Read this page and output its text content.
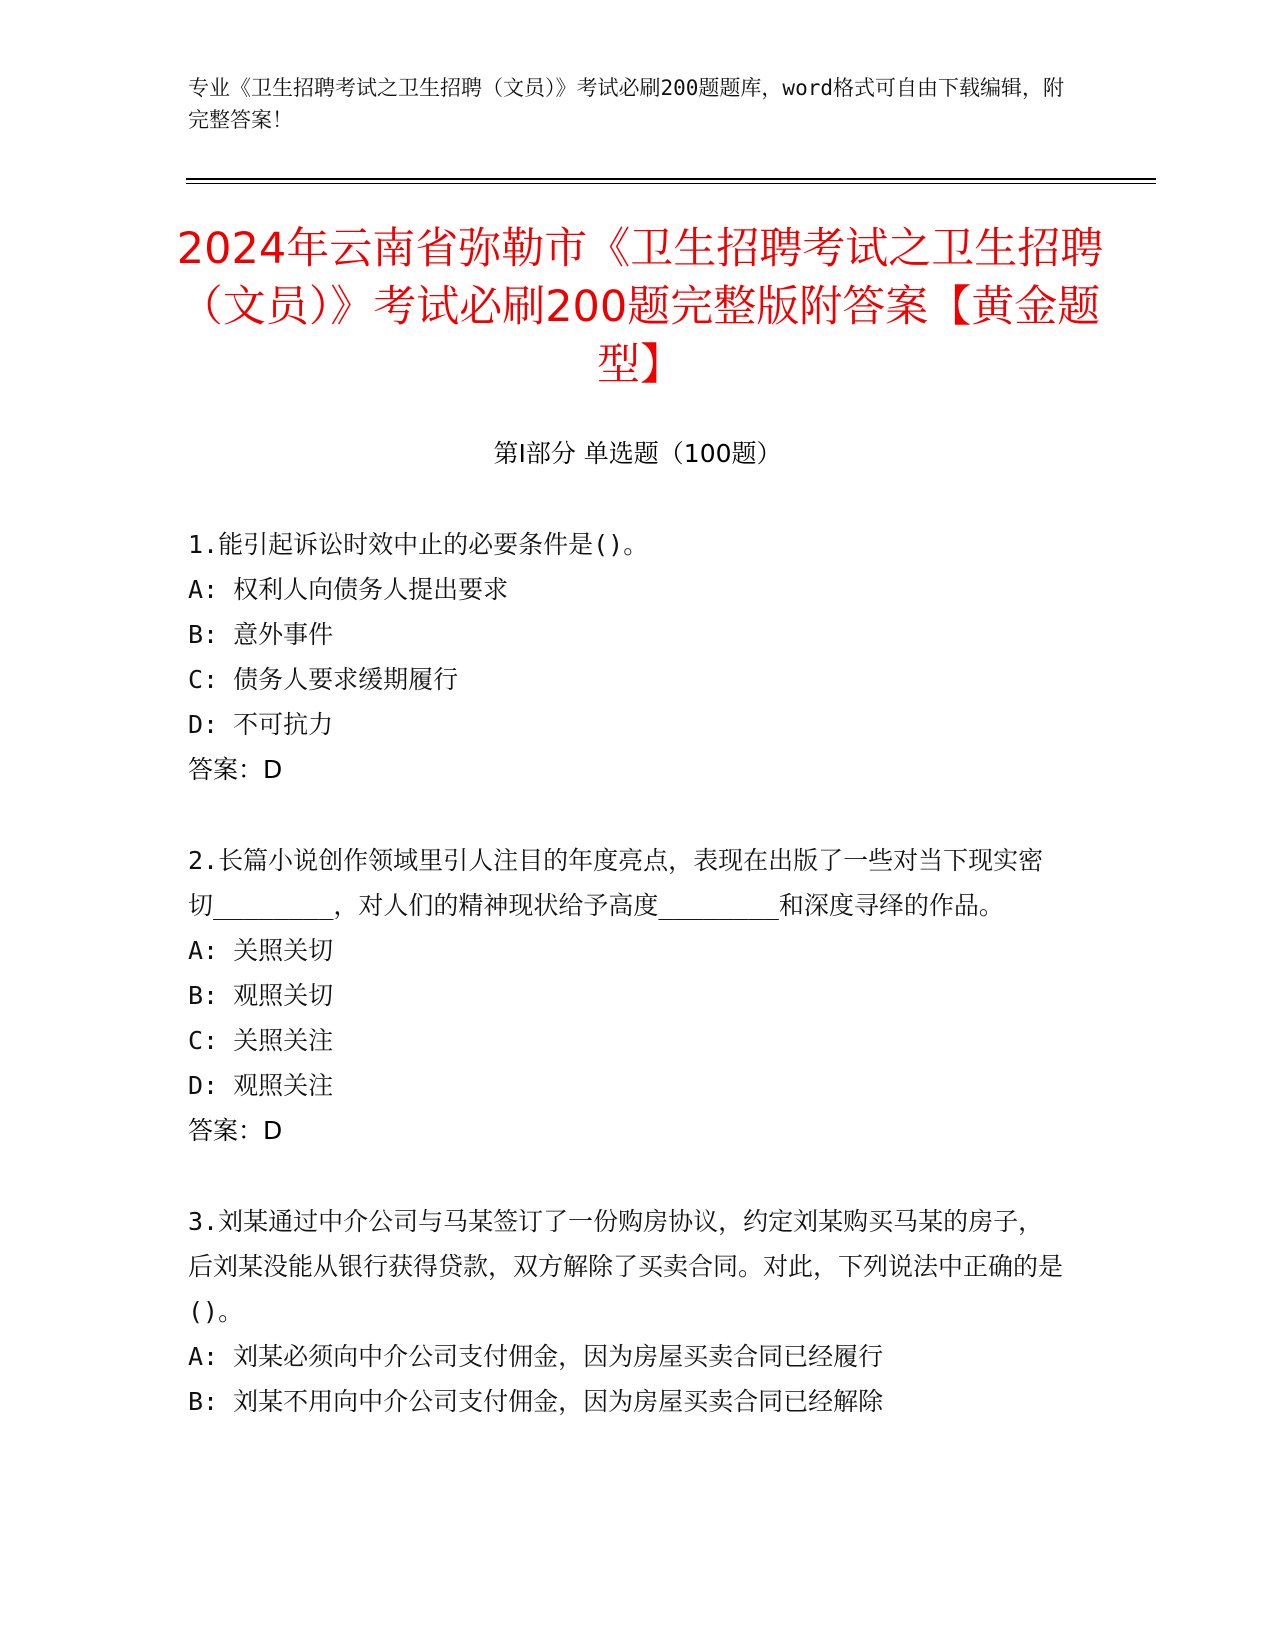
专业《卫生招聘考试之卫生招聘（文员）》考试必刷200题题库，word格式可自由下载编辑，附完整答案！
2024年云南省弥勒市《卫生招聘考试之卫生招聘（文员）》考试必刷200题完整版附答案【黄金题型】
第Ⅰ部分 单选题（100题）
1.能引起诉讼时效中止的必要条件是()。
A: 权利人向债务人提出要求
B: 意外事件
C: 债务人要求缓期履行
D: 不可抗力
答案：D
2.长篇小说创作领域里引人注目的年度亮点，表现在出版了一些对当下现实密切________，对人们的精神现状给予高度________和深度寻绎的作品。
A: 关照关切
B: 观照关切
C: 关照关注
D: 观照关注
答案：D
3.刘某通过中介公司与马某签订了一份购房协议，约定刘某购买马某的房子，后刘某没能从银行获得贷款，双方解除了买卖合同。对此，下列说法中正确的是()。
A: 刘某必须向中介公司支付佣金，因为房屋买卖合同已经履行
B: 刘某不用向中介公司支付佣金，因为房屋买卖合同已经解除
